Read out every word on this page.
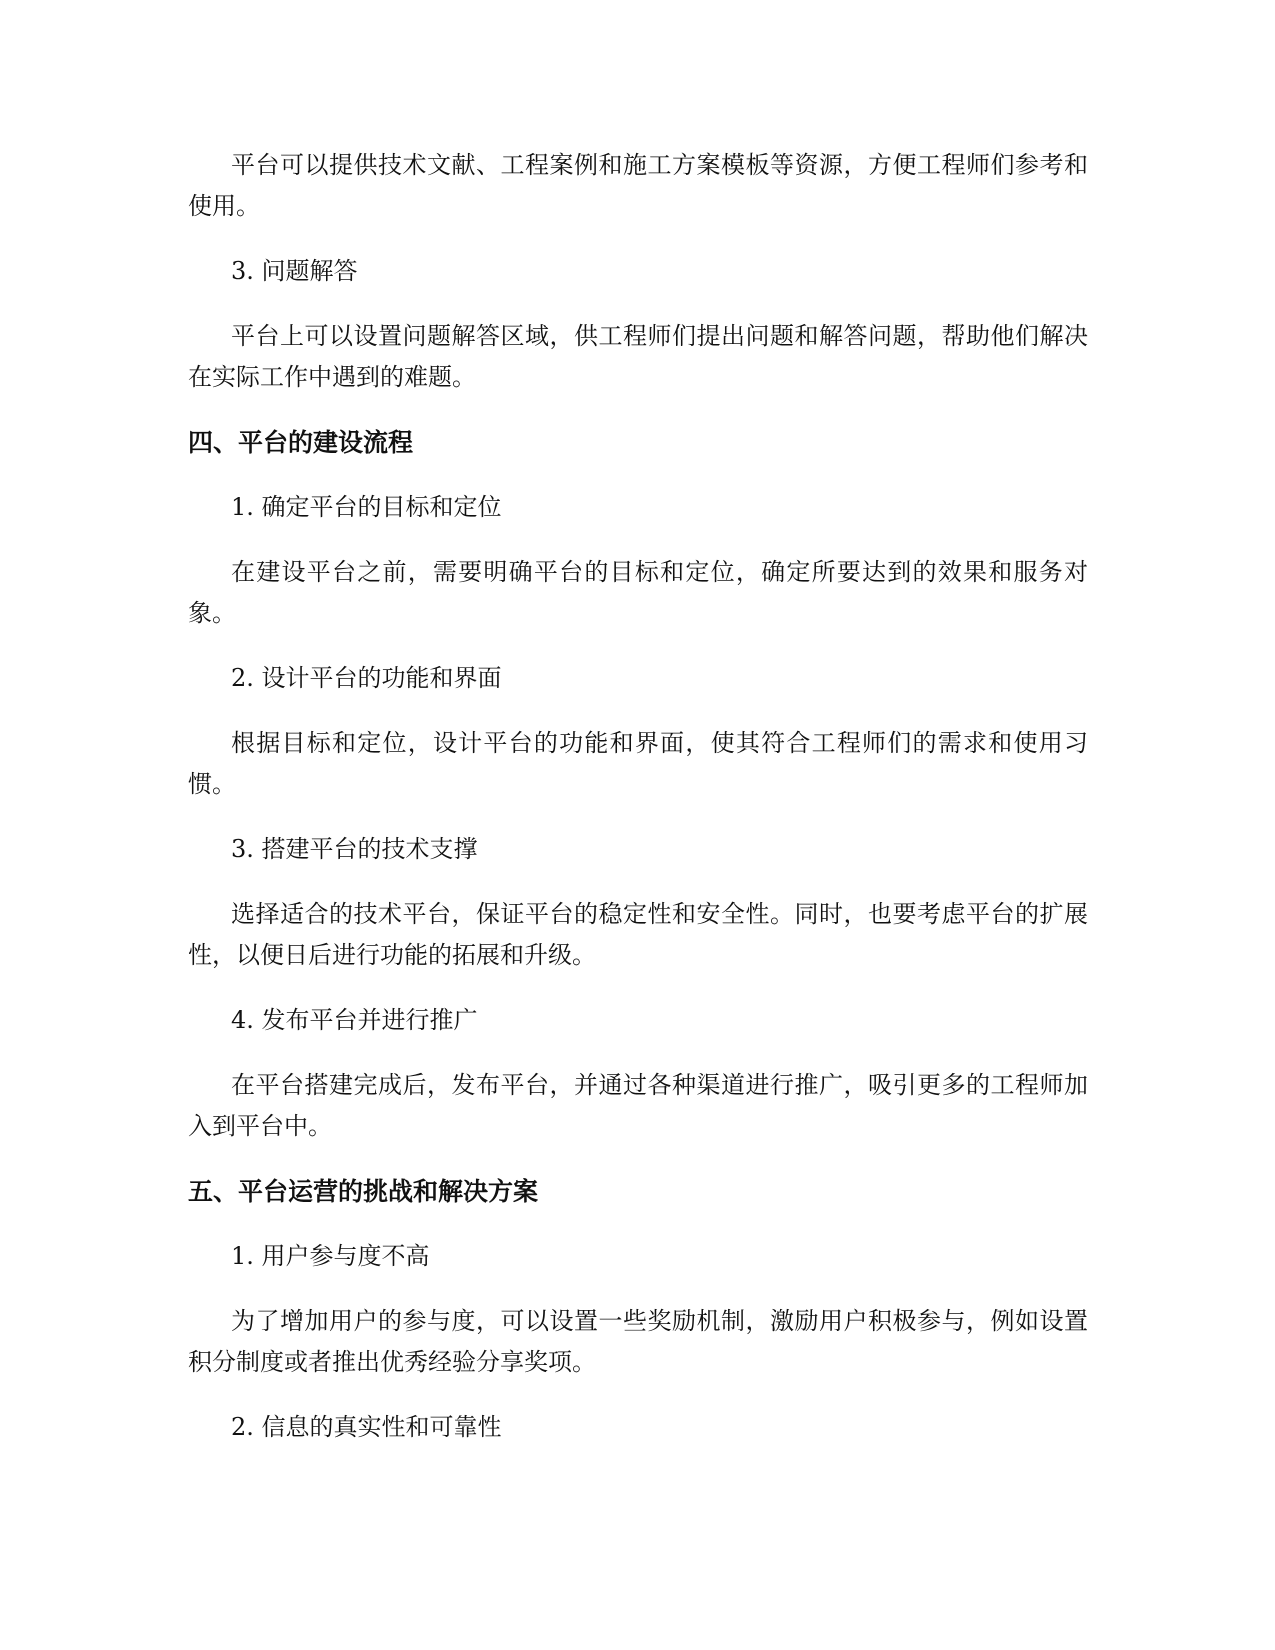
平台可以提供技术文献、工程案例和施工方案模板等资源，方便工程师们参考和使用。

3. 问题解答

平台上可以设置问题解答区域，供工程师们提出问题和解答问题，帮助他们解决在实际工作中遇到的难题。

四、平台的建设流程

1. 确定平台的目标和定位

在建设平台之前，需要明确平台的目标和定位，确定所要达到的效果和服务对象。

2. 设计平台的功能和界面

根据目标和定位，设计平台的功能和界面，使其符合工程师们的需求和使用习惯。

3. 搭建平台的技术支撑

选择适合的技术平台，保证平台的稳定性和安全性。同时，也要考虑平台的扩展性，以便日后进行功能的拓展和升级。

4. 发布平台并进行推广

在平台搭建完成后，发布平台，并通过各种渠道进行推广，吸引更多的工程师加入到平台中。

五、平台运营的挑战和解决方案

1. 用户参与度不高

为了增加用户的参与度，可以设置一些奖励机制，激励用户积极参与，例如设置积分制度或者推出优秀经验分享奖项。

2. 信息的真实性和可靠性
